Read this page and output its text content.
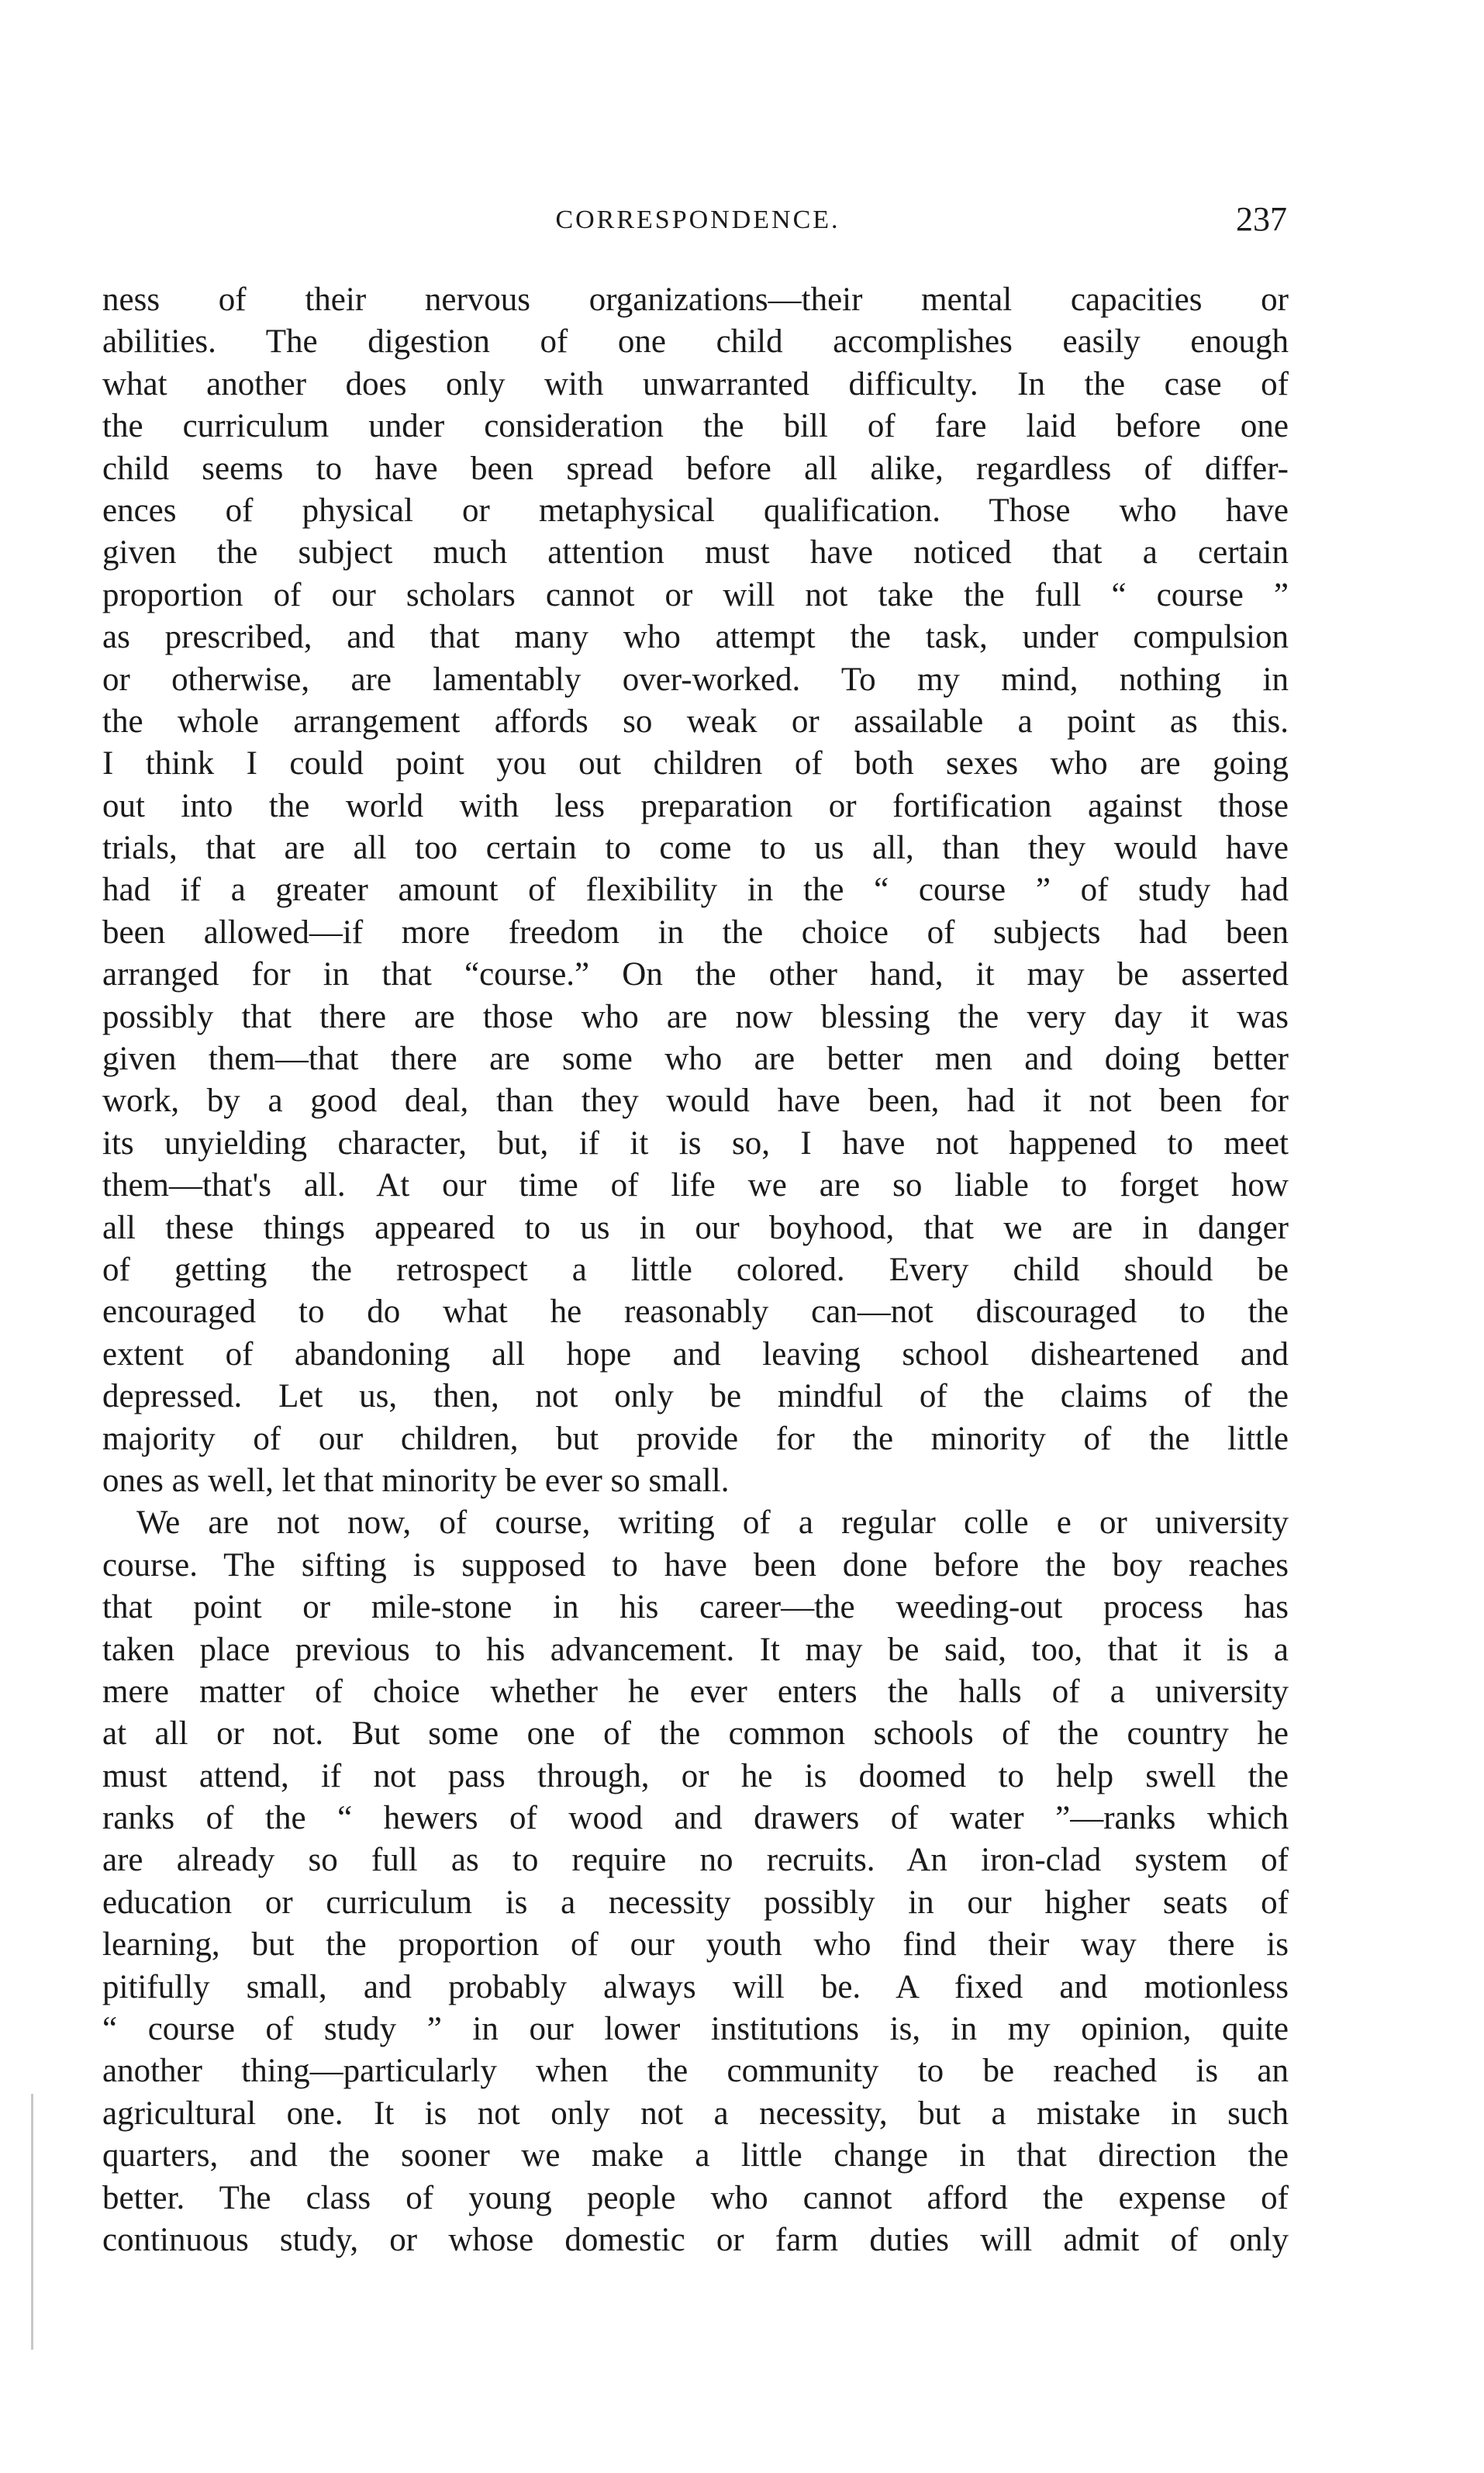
CORRESPONDENCE.	237
ness of their nervous organizations—their mental capacities or
abilities. The digestion of one child accomplishes easily enough
what another does only with unwarranted difficulty. In the case of
the curriculum under consideration the bill of fare laid before one
child seems to have been spread before all alike, regardless of differ-
ences of physical or metaphysical qualification. Those who have
given the subject much attention must have noticed that a certain
proportion of our scholars cannot or will not take the full “ course ”
as prescribed, and that many who attempt the task, under compulsion
or otherwise, are lamentably over-worked. To my mind, nothing in
the whole arrangement affords so weak or assailable a point as this.
I think I could point you out children of both sexes who are going
out into the world with less preparation or fortification against those
trials, that are all too certain to come to us all, than they would have
had if a greater amount of flexibility in the “ course ” of study had
been allowed—if more freedom in the choice of subjects had been
arranged for in that “course.” On the other hand, it may be asserted
possibly that there are those who are now blessing the very day it was
given them—that there are some who are better men and doing better
work, by a good deal, than they would have been, had it not been for
its unyielding character, but, if it is so, I have not happened to meet
them—that's all. At our time of life we are so liable to forget how
all these things appeared to us in our boyhood, that we are in danger
of getting the retrospect a little colored. Every child should be
encouraged to do what he reasonably can—not discouraged to the
extent of abandoning all hope and leaving school disheartened and
depressed. Let us, then, not only be mindful of the claims of the
majority of our children, but provide for the minority of the little
ones as well, let that minority be ever so small.
We are not now, of course, writing of a regular colle e or university
course. The sifting is supposed to have been done before the boy reaches
that point or mile-stone in his career—the weeding-out process has
taken place previous to his advancement. It may be said, too, that it is a
mere matter of choice whether he ever enters the halls of a university
at all or not. But some one of the common schools of the country he
must attend, if not pass through, or he is doomed to help swell the
ranks of the “ hewers of wood and drawers of water ”—ranks which
are already so full as to require no recruits. An iron-clad system of
education or curriculum is a necessity possibly in our higher seats of
learning, but the proportion of our youth who find their way there is
pitifully small, and probably always will be. A fixed and motionless
“ course of study ” in our lower institutions is, in my opinion, quite
another thing—particularly when the community to be reached is an
agricultural one. It is not only not a necessity, but a mistake in such
quarters, and the sooner we make a little change in that direction the
better. The class of young people who cannot afford the expense of
continuous study, or whose domestic or farm duties will admit of only
